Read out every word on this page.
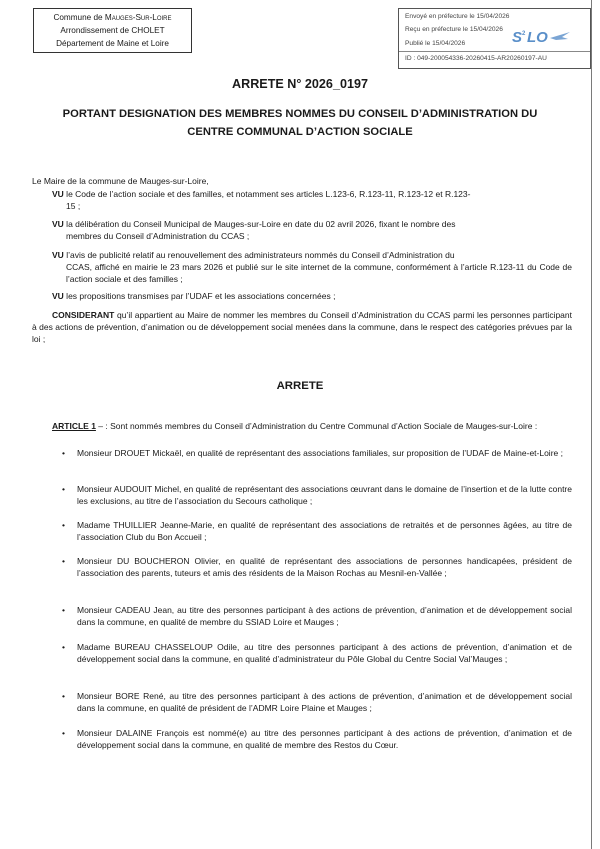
Commune de Mauges-Sur-Loire
Arrondissement de CHOLET
Département de Maine et Loire
Envoyé en préfecture le 15/04/2026
Reçu en préfecture le 15/04/2026
Publié le 15/04/2026
ID : 049-200054336-20260415-AR20260197-AU
S 2 LO
ARRETE N° 2026_0197
PORTANT DESIGNATION DES MEMBRES NOMMES DU CONSEIL D’ADMINISTRATION DU
CENTRE COMMUNAL D’ACTION SOCIALE
Le Maire de la commune de Mauges-sur-Loire,
VU le Code de l’action sociale et des familles, et notamment ses articles L.123-6, R.123-11, R.123-12 et R.123-
15 ;
VU la délibération du Conseil Municipal de Mauges-sur-Loire en date du 02 avril 2026, fixant le nombre des
membres du Conseil d’Administration du CCAS ;
VU l’avis de publicité relatif au renouvellement des administrateurs nommés du Conseil d’Administration du
CCAS, affiché en mairie le 23 mars 2026 et publié sur le site internet de la commune, conformément à l’article R.123-11 du Code de l’action sociale et des familles ;
VU les propositions transmises par l’UDAF et les associations concernées ;
CONSIDERANT qu’il appartient au Maire de nommer les membres du Conseil d’Administration du CCAS parmi les personnes participant à des actions de prévention, d’animation ou de développement social menées dans la commune, dans le respect des catégories prévues par la loi ;
ARRETE
ARTICLE 1 – : Sont nommés membres du Conseil d’Administration du Centre Communal d’Action Sociale de Mauges-sur-Loire :
•	Monsieur DROUET Mickaël, en qualité de représentant des associations familiales, sur proposition de l’UDAF de Maine-et-Loire ;
•	Monsieur AUDOUIT Michel, en qualité de représentant des associations œuvrant dans le domaine de l’insertion et de la lutte contre les exclusions, au titre de l’association du Secours catholique ;
•	Madame THUILLIER Jeanne-Marie, en qualité de représentant des associations de retraités et de personnes âgées, au titre de l’association Club du Bon Accueil ;
•	Monsieur DU BOUCHERON Olivier, en qualité de représentant des associations de personnes handicapées, président de l’association des parents, tuteurs et amis des résidents de la Maison Rochas au Mesnil-en-Vallée ;
•	Monsieur CADEAU Jean, au titre des personnes participant à des actions de prévention, d’animation et de développement social dans la commune, en qualité de membre du SSIAD Loire et Mauges ;
•	Madame BUREAU CHASSELOUP Odile, au titre des personnes participant à des actions de prévention, d’animation et de développement social dans la commune, en qualité d’administrateur du Pôle Global du Centre Social Val’Mauges ;
•	Monsieur BORE René, au titre des personnes participant à des actions de prévention, d’animation et de développement social dans la commune, en qualité de président de l’ADMR Loire Plaine et Mauges ;
•	Monsieur DALAINE François est nommé(e) au titre des personnes participant à des actions de prévention, d’animation et de développement social dans la commune, en qualité de membre des Restos du Cœur.
